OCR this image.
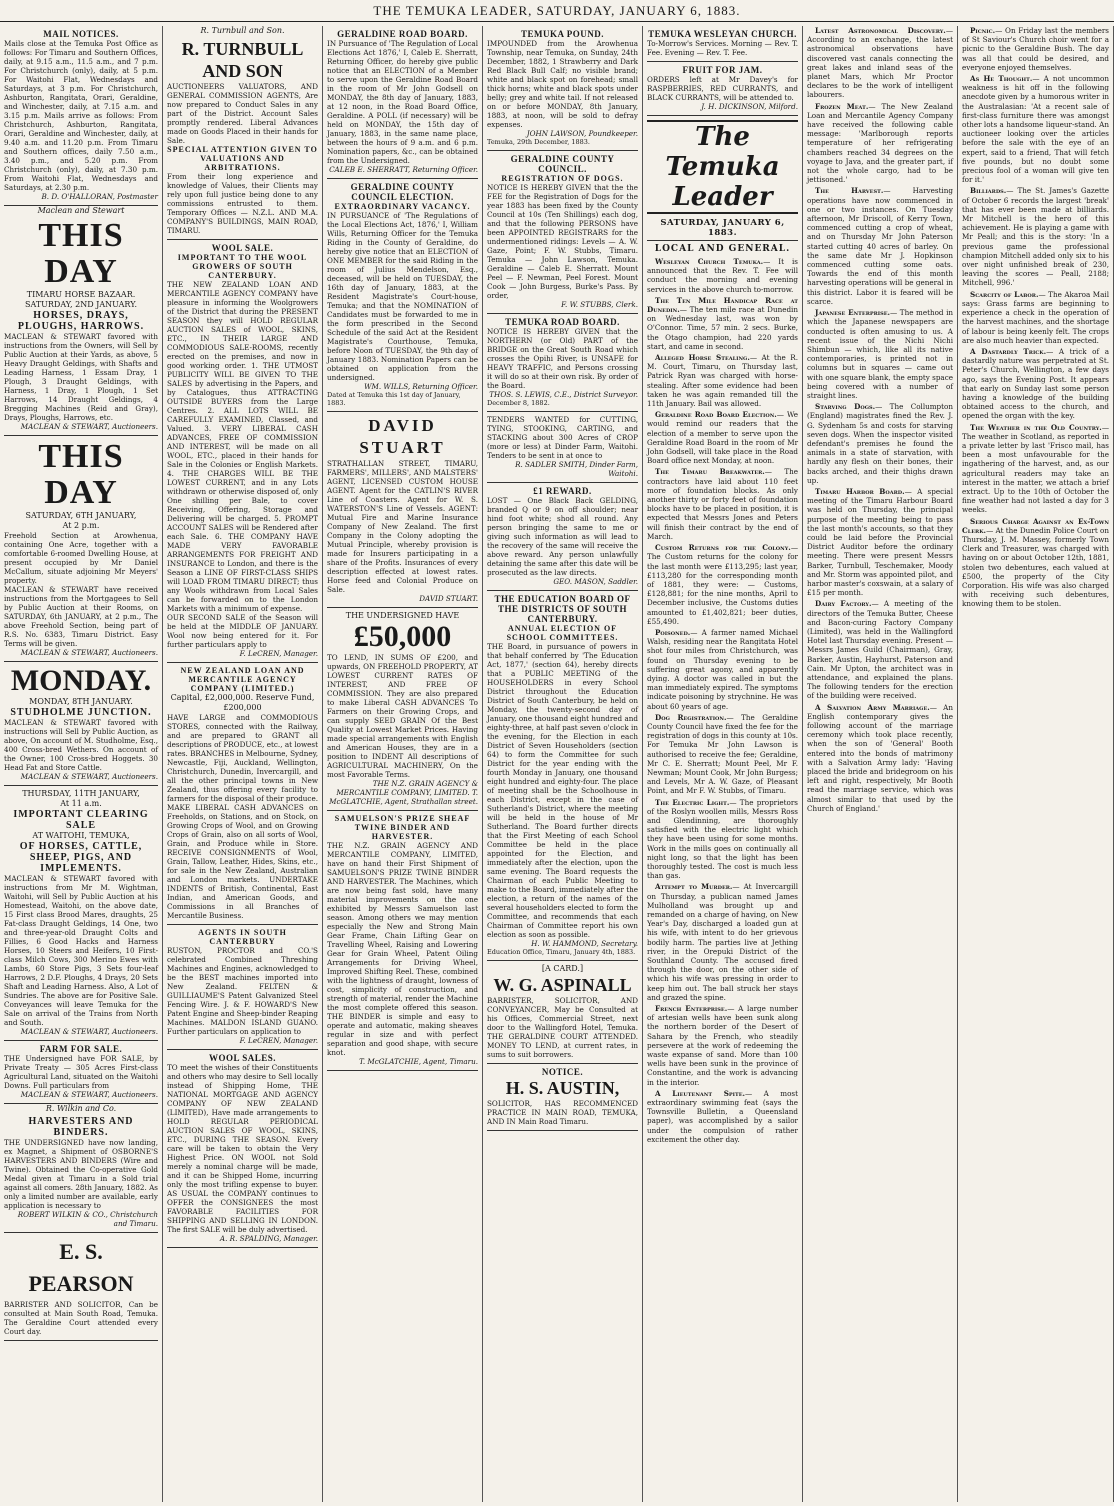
THE TEMUKA LEADER, SATURDAY, JANUARY 6, 1883.
MAIL NOTICES.
Mails close at the Temuka Post Office as follows: For Timaru and Southern Offices, daily, at 9.15 a.m., 11.5 a.m., and 7 p.m. For Christchurch (only), daily, at 5 p.m. For Waitohi Flat, Wednesdays and Saturdays, at 3 p.m. For Christchurch, Ashburton, Rangitata, Orari, Geraldine, and Winchester, daily, at 7.15 a.m. and 3.15 p.m. Mails arrive as follows: From Christchurch, Ashburton, Rangitata, Orari, Geraldine and Winchester, daily, at 9.40 a.m. and 11.20 p.m. From Timaru and Southern offices, daily 7.50 a.m., 3.40 p.m., and 5.20 p.m. From Christchurch (only), daily, at 7.30 p.m. From Waitohi Flat, Wednesdays and Saturdays, at 2.30 p.m.
B. D. O'HALLORAN, Postmaster
Maclean and Stewart
THIS DAY
TIMARU HORSE BAZAAR.
SATURDAY, 2ND JANUARY.
HORSES, DRAYS, PLOUGHS, HARROWS.
MACLEAN & STEWART favored with instructions from the Owners, will Sell by Public Auction at their Yards, as above, 5 Heavy Draught Geldings, with Shafts and Leading Harness, 1 Essam Dray, 1 Plough, 3 Draught Geldings, with Harness, 1 Dray, 1 Plough, 1 Set Harrows, 14 Draught Geldings, 4 Bregging Machines (Reid and Gray), Drays, Ploughs, Harrows, etc.
MACLEAN & STEWART, Auctioneers.
THIS DAY
SATURDAY, 6TH JANUARY,
At 2 p.m.
Freehold Section at Arowhenua, containing One Acre, together with a comfortable 6-roomed Dwelling House, at present occupied by Mr Daniel McCallum, situate adjoining Mr Meyers' property.
MACLEAN & STEWART have received instructions from the Mortgagees to Sell by Public Auction at their Rooms, on SATURDAY, 6th JANUARY, at 2 p.m., The above Freehold Section, being part of R.S. No. 6383, Timaru District. Easy Terms will be given.
MACLEAN & STEWART, Auctioneers.
MONDAY.
MONDAY, 8TH JANUARY.
STUDHOLME JUNCTION.
MACLEAN & STEWART favored with instructions will Sell by Public Auction, as above, On account of M. Studholme, Esq., 400 Cross-bred Wethers. On account of the Owner, 100 Cross-bred Hoggets. 30 Head Fat and Store Cattle.
MACLEAN & STEWART, Auctioneers.
THURSDAY, 11TH JANUARY,
At 11 a.m.
IMPORTANT CLEARING SALE
AT WAITOHI, TEMUKA,
OF HORSES, CATTLE, SHEEP, PIGS, AND IMPLEMENTS.
MACLEAN & STEWART favored with instructions from Mr M. Wightman, Waitohi, will Sell by Public Auction at his Homestead, Waitohi, on the above date, 15 First class Brood Mares, draughts, 25 Fat-class Draught Geldings, 14 One, two and three-year-old Draught Colts and Fillies, 6 Good Hacks and Harness Horses, 10 Steers and Heifers, 10 First-class Milch Cows, 300 Merino Ewes with Lambs, 60 Store Pigs, 3 Sets four-leaf Harrows, 2 D.F. Ploughs, 4 Drays, 20 Sets Shaft and Leading Harness. Also, A Lot of Sundries. The above are for Positive Sale. Conveyances will leave Temuka for the Sale on arrival of the Trains from North and South.
MACLEAN & STEWART, Auctioneers.
FARM FOR SALE.
THE Undersigned have FOR SALE, by Private Treaty — 305 Acres First-class Agricultural Land, situated on the Waitohi Downs. Full particulars from
MACLEAN & STEWART, Auctioneers.
R. Wilkin and Co.
HARVESTERS AND BINDERS.
THE UNDERSIGNED have now landing, ex Magnet, a Shipment of OSBORNE'S HARVESTERS AND BINDERS (Wire and Twine). Obtained the Co-operative Gold Medal given at Timaru in a Sold trial against all comers. 28th January, 1882. As only a limited number are available, early application is necessary to
ROBERT WILKIN & CO., Christchurch and Timaru.
E. S. PEARSON
BARRISTER AND SOLICITOR, Can be consulted at Main South Road, Temuka. The Geraldine Court attended every Court day.
R. Turnbull and Son.
R. TURNBULL AND SON
AUCTIONEERS VALUATORS, AND GENERAL COMMISSION AGENTS, Are now prepared to Conduct Sales in any part of the District. Account Sales promptly rendered. Liberal Advances made on Goods Placed in their hands for Sale.
SPECIAL ATTENTION GIVEN TO VALUATIONS AND ARBITRATIONS.
From their long experience and knowledge of Values, their Clients may rely upon full justice being done to any commissions entrusted to them. Temporary Offices — N.Z.L. AND M.A. COMPANY'S BUILDINGS, MAIN ROAD, TIMARU.
WOOL SALE.
IMPORTANT TO THE WOOL GROWERS OF SOUTH CANTERBURY.
THE NEW ZEALAND LOAN AND MERCANTILE AGENCY COMPANY have pleasure in informing the Woolgrowers of the District that during the PRESENT SEASON they will HOLD REGULAR AUCTION SALES of WOOL, SKINS, ETC., IN THEIR LARGE AND COMMODIOUS SALE-ROOMS, recently erected on the premises, and now in good working order. 1. THE UTMOST PUBLICITY WILL BE GIVEN TO THE SALES by advertising in the Papers, and by Catalogues, thus ATTRACTING OUTSIDE BUYERS from the Large Centres. 2. ALL LOTS WILL BE CAREFULLY EXAMINED, Classed, and Valued. 3. VERY LIBERAL CASH ADVANCES, FREE OF COMMISSION AND INTEREST, will be made on all WOOL, ETC., placed in their hands for Sale in the Colonies or English Markets. 4. THE CHARGES WILL BE THE LOWEST CURRENT, and in any Lots withdrawn or otherwise disposed of, only One shilling per Bale, to cover Receiving, Offering, Storage and Delivering will be charged. 5. PROMPT ACCOUNT SALES will be Rendered after each Sale. 6. THE COMPANY HAVE MADE VERY FAVORABLE ARRANGEMENTS FOR FREIGHT AND INSURANCE to London, and there is the Season a LINE OF FIRST-CLASS SHIPS will LOAD FROM TIMARU DIRECT; thus any Wools withdrawn from Local Sales can be forwarded on to the London Markets with a minimum of expense.
OUR SECOND SALE of the Season will be held at the MIDDLE OF JANUARY. Wool now being entered for it. For further particulars apply to
F. LeCREN, Manager.
NEW ZEALAND LOAN AND MERCANTILE AGENCY COMPANY (LIMITED.)
Capital, £2,000,000. Reserve Fund, £200,000
HAVE LARGE and COMMODIOUS STORES, connected with the Railway, and are prepared to GRANT all descriptions of PRODUCE, etc., at lowest rates. BRANCHES in Melbourne, Sydney, Newcastle, Fiji, Auckland, Wellington, Christchurch, Dunedin, Invercargill, and all the other principal towns in New Zealand, thus offering every facility to farmers for the disposal of their produce. MAKE LIBERAL CASH ADVANCES on Freeholds, on Stations, and on Stock, on Growing Crops of Wool, and on Growing Crops of Grain, also on all sorts of Wool, Grain, and Produce while in Store. RECEIVE CONSIGNMENTS of Wool, Grain, Tallow, Leather, Hides, Skins, etc., for sale in the New Zealand, Australian and London markets. UNDERTAKE INDENTS of British, Continental, East Indian, and American Goods, and Commissions in all Branches of Mercantile Business.
AGENTS IN SOUTH CANTERBURY
RUSTON, PROCTOR and CO.'S celebrated Combined Threshing Machines and Engines, acknowledged to be the BEST machines imported into New Zealand. FELTEN & GUILLIAUME'S Patent Galvanized Steel Fencing Wire. J. & F. HOWARD'S New Patent Engine and Sheep-binder Reaping Machines. MALDON ISLAND GUANO. Further particulars on application to
F. LeCREN, Manager.
WOOL SALES.
TO meet the wishes of their Constituents and others who may desire to Sell locally instead of Shipping Home, THE NATIONAL MORTGAGE AND AGENCY COMPANY OF NEW ZEALAND (LIMITED), Have made arrangements to HOLD REGULAR PERIODICAL AUCTION SALES OF WOOL, SKINS, ETC., DURING THE SEASON. Every care will be taken to obtain the Very Highest Price. ON WOOL not Sold merely a nominal charge will be made, and it can be Shipped Home, incurring only the most trifling expense to buyer. AS USUAL the COMPANY continues to OFFER the CONSIGNEES the most FAVORABLE FACILITIES FOR SHIPPING AND SELLING IN LONDON. The first SALE will be duly advertised.
A. R. SPALDING, Manager.
GERALDINE ROAD BOARD.
IN Pursuance of 'The Regulation of Local Elections Act 1876,' I, Caleb E. Sherratt, Returning Officer, do hereby give public notice that an ELECTION of a Member to serve upon the Geraldine Road Board in the room of Mr John Godsell on MONDAY, the 8th day of January, 1883, at 12 noon, in the Road Board Office, Geraldine. A POLL (if necessary) will be held on MONDAY, the 15th day of January, 1883, in the same name place, between the hours of 9 a.m. and 6 p.m. Nomination papers, &c., can be obtained from the Undersigned.
CALEB E. SHERRATT, Returning Officer.
GERALDINE COUNTY COUNCIL ELECTION.
EXTRAORDINARY VACANCY.
IN PURSUANCE of 'The Regulations of the Local Elections Act, 1876,' I, William Wills, Returning Officer for the Temuka Riding in the County of Geraldine, do hereby give notice that an ELECTION of ONE MEMBER for the said Riding in the room of Julius Mendelson, Esq., deceased, will be held on TUESDAY, the 16th day of January, 1883, at the Resident Magistrate's Court-house, Temuka; and that the NOMINATION of Candidates must be forwarded to me in the form prescribed in the Second Schedule of the said Act at the Resident Magistrate's Courthouse, Temuka, before Noon of TUESDAY, the 9th day of January 1883. Nomination Papers can be obtained on application from the undersigned.
WM. WILLS, Returning Officer.
Dated at Temuka this 1st day of January, 1883.
DAVID STUART
STRATHALLAN STREET, TIMARU, FARMERS', MILLERS', AND MALSTERS' AGENT, LICENSED CUSTOM HOUSE AGENT. Agent for the CATLIN'S RIVER Line of Coasters. Agent for W. S. WATERSTON'S Line of Vessels. AGENT: Mutual Fire and Marine Insurance Company of New Zealand. The first Company in the Colony adopting the Mutual Principle, whereby provision is made for Insurers participating in a share of the Profits. Insurances of every description effected at lowest rates. Horse feed and Colonial Produce on Sale.
DAVID STUART.
THE UNDERSIGNED HAVE
£50,000
TO LEND, IN SUMS OF £200, and upwards, ON FREEHOLD PROPERTY, AT LOWEST CURRENT RATES OF INTEREST, AND FREE OF COMMISSION. They are also prepared to make Liberal CASH ADVANCES To Farmers on their Growing Crops, and can supply SEED GRAIN Of the Best Quality at Lowest Market Prices. Having made special arrangements with English and American Houses, they are in a position to INDENT All descriptions of AGRICULTURAL MACHINERY, On the most Favorable Terms.
THE N.Z. GRAIN AGENCY & MERCANTILE COMPANY, LIMITED. T. McGLATCHIE, Agent, Strathallan street.
SAMUELSON'S PRIZE SHEAF TWINE BINDER AND HARVESTER.
THE N.Z. GRAIN AGENCY AND MERCANTILE COMPANY, LIMITED, have on hand their First Shipment of SAMUELSON'S PRIZE TWINE BINDER AND HARVESTER. The Machines, which are now being fast sold, have many material improvements on the one exhibited by Messrs Samuelson last season. Among others we may mention especially the New and Strong Main Gear Frame, Chain Lifting Gear on Travelling Wheel, Raising and Lowering Gear for Grain Wheel, Patent Oiling Arrangements for Driving Wheel, Improved Shifting Reel. These, combined with the lightness of draught, lowness of cost, simplicity of construction, and strength of material, render the Machine the most complete offered this season. THE BINDER is simple and easy to operate and automatic, making sheaves regular in size and with perfect separation and good shape, with secure knot.
T. McGLATCHIE, Agent, Timaru.
TEMUKA POUND.
IMPOUNDED from the Arowhenua Township, near Temuka, on Sunday, 24th December, 1882, 1 Strawberry and Dark Red Black Bull Calf; no visible brand; white and black spot on forehead; small thick horns; white and black spots under belly; grey and white tail. If not released on or before MONDAY, 8th January, 1883, at noon, will be sold to defray expenses.
JOHN LAWSON, Poundkeeper.
Temuka, 29th December, 1883.
GERALDINE COUNTY COUNCIL.
REGISTRATION OF DOGS.
NOTICE IS HEREBY GIVEN that the the FEE for the Registration of Dogs for the year 1883 has been fixed by the County Council at 10s (Ten Shillings) each dog, and that the following PERSONS have been APPOINTED REGISTRARS for the undermentioned ridings: Levels — A. W. Gaze, Point; F. W. Stubbs, Timaru. Temuka — John Lawson, Temuka. Geraldine — Caleb E. Sherratt. Mount Peel — F. Newman, Peel Forest. Mount Cook — John Burgess, Burke's Pass. By order,
F. W. STUBBS, Clerk.
TEMUKA ROAD BOARD.
NOTICE IS HEREBY GIVEN that the NORTHERN (or Old) PART of the BRIDGE on the Great South Road which crosses the Opihi River, is UNSAFE for HEAVY TRAFFIC, and Persons crossing it will do so at their own risk. By order of the Board.
THOS. S. LEWIS, C.E., District Surveyor.
December 8, 1882.
TENDERS WANTED for CUTTING, TYING, STOOKING, CARTING, and STACKING about 300 Acres of CROP (more or less) at Dinder Farm, Waitohi. Tenders to be sent in at once to
R. SADLER SMITH, Dinder Farm, Waitohi.
£1 REWARD.
LOST — One Black Back GELDING, branded Q or 9 on off shoulder; near hind foot white; shod all round. Any person bringing the same to me or giving such information as will lead to the recovery of the same will receive the above reward. Any person unlawfully detaining the same after this date will be prosecuted as the law directs.
GEO. MASON, Saddler.
THE EDUCATION BOARD OF THE DISTRICTS OF SOUTH CANTERBURY.
ANNUAL ELECTION OF SCHOOL COMMITTEES.
THE Board, in pursuance of powers in that behalf conferred by 'The Education Act, 1877,' (section 64), hereby directs that a PUBLIC MEETING of the HOUSEHOLDERS in every School District throughout the Education District of South Canterbury, be held on Monday, the twenty-second day of January, one thousand eight hundred and eighty-three, at half past seven o'clock in the evening, for the Election in each District of Seven Householders (section 64) to form the Committee for such District for the year ending with the fourth Monday in January, one thousand eight hundred and eighty-four. The place of meeting shall be the Schoolhouse in each District, except in the case of Sutherland's District, where the meeting will be held in the house of Mr Sutherland. The Board further directs that the First Meeting of each School Committee be held in the place appointed for the Election, and immediately after the election, upon the same evening. The Board requests the Chairman of each Public Meeting to make to the Board, immediately after the election, a return of the names of the several householders elected to form the Committee, and recommends that each Chairman of Committee report his own election as soon as possible.
H. W. HAMMOND, Secretary.
Education Office, Timaru, January 4th, 1883.
[A CARD.]
W. G. ASPINALL
BARRISTER, SOLICITOR, AND CONVEYANCER, May be Consulted at his Offices, Commercial Street, next door to the Wallingford Hotel, Temuka. THE GERALDINE COURT ATTENDED. MONEY TO LEND, at current rates, in sums to suit borrowers.
NOTICE.
H. S. AUSTIN,
SOLICITOR, HAS RECOMMENCED PRACTICE IN MAIN ROAD, TEMUKA, AND IN Main Road Timaru.
TEMUKA WESLEYAN CHURCH.
To-Morrow's Services. Morning — Rev. T. Fee. Evening — Rev. T. Fee.
FRUIT FOR JAM.
ORDERS left at Mr Davey's for RASPBERRIES, RED CURRANTS, and BLACK CURRANTS, will be attended to.
J. H. DICKINSON, Milford.
The Temuka Leader
SATURDAY, JANUARY 6, 1883.
LOCAL AND GENERAL.

Wesleyan Church Temuka.— It is announced that the Rev. T. Fee will conduct the morning and evening services in the above church to-morrow.

The Ten Mile Handicap Race at Dunedin.— The ten mile race at Dunedin on Wednesday last, was won by O'Connor. Time, 57 min. 2 secs. Burke, the Otago champion, had 220 yards start, and came in second.

Alleged Horse Stealing.— At the R. M. Court, Timaru, on Thursday last, Patrick Ryan was charged with horse-stealing. After some evidence had been taken he was again remanded till the 11th January. Bail was allowed.

Geraldine Road Board Election.— We would remind our readers that the election of a member to serve upon the Geraldine Road Board in the room of Mr John Godsell, will take place in the Road Board office next Monday, at noon.

The Timaru Breakwater.— The contractors have laid about 110 feet more of foundation blocks. As only another thirty or forty feet of foundation blocks have to be placed in position, it is expected that Messrs Jones and Peters will finish their contract by the end of March.

Custom Returns for the Colony.— The Custom returns for the colony for the last month were £113,295; last year, £113,280 for the corresponding month of 1881, they were: — Customs, £128,881; for the nine months, April to December inclusive, the Customs duties amounted to £1,402,821; beer duties, £55,490.

Poisoned.— A farmer named Michael Walsh, residing near the Rangitata Hotel shot four miles from Christchurch, was found on Thursday evening to be suffering great agony, and apparently dying. A doctor was called in but the man immediately expired. The symptoms indicate poisoning by strychnine. He was about 60 years of age.

Dog Registration.— The Geraldine County Council have fixed the fee for the registration of dogs in this county at 10s. For Temuka Mr John Lawson is authorised to receive the fee; Geraldine, Mr C. E. Sherratt; Mount Peel, Mr F. Newman; Mount Cook, Mr John Burgess; and Levels, Mr A. W. Gaze, of Pleasant Point, and Mr F. W. Stubbs, of Timaru.

The Electric Light.— The proprietors of the Roslyn woollen mills, Messrs Ross and Glendinning, are thoroughly satisfied with the electric light which they have been using for some months. Work in the mills goes on continually all night long, so that the light has been thoroughly tested. The cost is much less than gas.

Attempt to Murder.— At Invercargill on Thursday, a publican named James Mulholland was brought up and remanded on a charge of having, on New Year's Day, discharged a loaded gun at his wife, with intent to do her grievous bodily harm. The parties live at Jething river, in the Orepuki District of the Southland County. The accused fired through the door, on the other side of which his wife was pressing in order to keep him out. The ball struck her stays and grazed the spine.

French Enterprise.— A large number of artesian wells have been sunk along the northern border of the Desert of Sahara by the French, who steadily persevere at the work of redeeming the waste expanse of sand. More than 100 wells have been sunk in the province of Constantine, and the work is advancing in the interior.

A Lieutenant Spite.— A most extraordinary swimming feat (says the Townsville Bulletin, a Queensland paper), was accomplished by a sailor under the compulsion of rather excitement the other day.

Latest Astronomical Discovery.— According to an exchange, the latest astronomical observations have discovered vast canals connecting the great lakes and inland seas of the planet Mars, which Mr Proctor declares to be the work of intelligent labourers.

Frozen Meat.— The New Zealand Loan and Mercantile Agency Company have received the following cable message: 'Marlborough reports temperature of her refrigerating chambers reached 34 degrees on the voyage to Java, and the greater part, if not the whole cargo, had to be jettisoned.'

The Harvest.— Harvesting operations have now commenced in one or two instances. On Tuesday afternoon, Mr Driscoll, of Kerry Town, commenced cutting a crop of wheat, and on Thursday Mr John Paterson started cutting 40 acres of barley. On the same date Mr J. Hopkinson commenced cutting some oats. Towards the end of this month harvesting operations will be general in this district. Labor it is feared will be scarce.

Japanese Enterprise.— The method in which the Japanese newspapers are conducted is often amusing to us. A recent issue of the Nichi Nichi Shimbun — which, like all its native contemporaries, is printed not in columns but in squares — came out with one square blank, the empty space being covered with a number of straight lines.

Starving Dogs.— The Collumpton (England) magistrates fined the Rev. J. G. Sydenham 5s and costs for starving seven dogs. When the inspector visited defendant's premises he found the animals in a state of starvation, with hardly any flesh on their bones, their backs arched, and their thighs drawn up.

Timaru Harbor Board.— A special meeting of the Timaru Harbour Board was held on Thursday, the principal purpose of the meeting being to pass the last month's accounts, so that they could be laid before the Provincial District Auditor before the ordinary meeting. There were present Messrs Barker, Turnbull, Teschemaker, Moody and Mr. Storm was appointed pilot, and harbor master's coxswain, at a salary of £15 per month.

Dairy Factory.— A meeting of the directors of the Temuka Butter, Cheese and Bacon-curing Factory Company (Limited), was held in the Wallingford Hotel last Thursday evening. Present — Messrs James Guild (Chairman), Gray, Barker, Austin, Hayhurst, Paterson and Cain. Mr Upton, the architect was in attendance, and explained the plans. The following tenders for the erection of the building were received.

A Salvation Army Marriage.— An English contemporary gives the following account of the marriage ceremony which took place recently, when the son of 'General' Booth entered into the bonds of matrimony with a Salvation Army lady: 'Having placed the bride and bridegroom on his left and right, respectively, Mr Booth read the marriage service, which was almost similar to that used by the Church of England.'

Picnic.— On Friday last the members of St Saviour's Church choir went for a picnic to the Geraldine Bush. The day was all that could be desired, and everyone enjoyed themselves.

As He Thought.— A not uncommon weakness is hit off in the following anecdote given by a humorous writer in the Australasian: 'At a recent sale of first-class furniture there was amongst other lots a handsome liqueur-stand. An auctioneer looking over the articles before the sale with the eye of an expert, said to a friend, That will fetch five pounds, but no doubt some precious fool of a woman will give ten for it.'

Billiards.— The St. James's Gazette of October 6 records the largest 'break' that has ever been made at billiards. Mr Mitchell is the hero of this achievement. He is playing a game with Mr Peall; and this is the story: 'In a previous game the professional champion Mitchell added only six to his over night unfinished break of 230, leaving the scores — Peall, 2188; Mitchell, 996.'

Scarcity of Labor.— The Akaroa Mail says: Grass farms are beginning to experience a check in the operation of the harvest machines, and the shortage of labour is being keenly felt. The crops are also much heavier than expected.

A Dastardly Trick.— A trick of a dastardly nature was perpetrated at St. Peter's Church, Wellington, a few days ago, says the Evening Post. It appears that early on Sunday last some person having a knowledge of the building obtained access to the church, and opened the organ with the key.

The Weather in the Old Country.— The weather in Scotland, as reported in a private letter by last 'Frisco mail, has been a most unfavourable for the ingathering of the harvest, and, as our agricultural readers may take an interest in the matter, we attach a brief extract. Up to the 10th of October the fine weather had not lasted a day for 3 weeks.

Serious Charge Against an Ex-Town Clerk.— At the Dunedin Police Court on Thursday, J. M. Massey, formerly Town Clerk and Treasurer, was charged with having on or about October 12th, 1881, stolen two debentures, each valued at £500, the property of the City Corporation. His wife was also charged with receiving such debentures, knowing them to be stolen.
